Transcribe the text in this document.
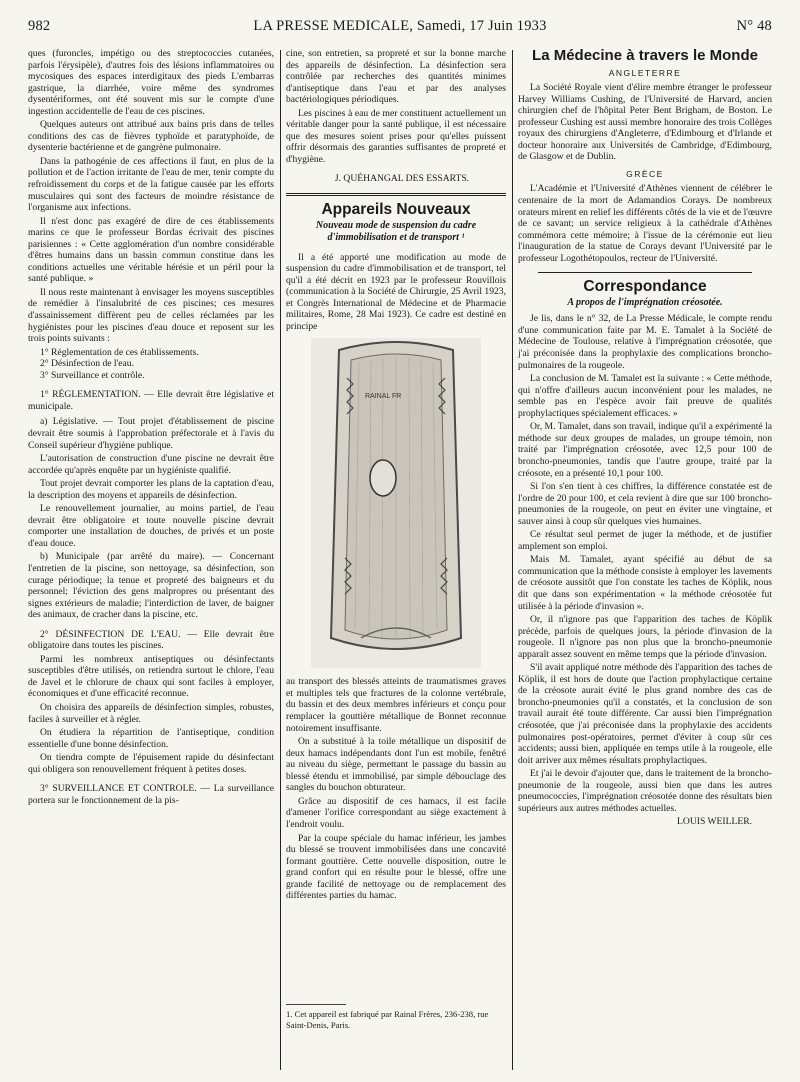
982	LA PRESSE MEDICALE, Samedi, 17 Juin 1933	N° 48

ques (furoncles, impétigo ou des streptococcies cutanées, parfois l'érysipèle), d'autres fois des lésions inflammatoires ou mycosiques des espaces interdigitaux des pieds L'embarras gastrique, la diarrhée, voire même des syndromes dysentériformes, ont été souvent mis sur le compte d'une ingestion accidentelle de l'eau de ces piscines.

Quelques auteurs ont attribué aux bains pris dans de telles conditions des cas de fièvres typhoïde et paratyphoïde, de dysenterie bactérienne et de gangrène pulmonaire.

Dans la pathogénie de ces affections il faut, en plus de la pollution et de l'action irritante de l'eau de mer, tenir compte du refroidissement du corps et de la fatigue causée par les efforts musculaires qui sont des facteurs de moindre résistance de l'organisme aux infections.

Il n'est donc pas exagéré de dire de ces établissements marins ce que le professeur Bordas écrivait des piscines parisiennes : « Cette agglomération d'un nombre considérable d'êtres humains dans un bassin commun constitue dans les conditions actuelles une véritable hérésie et un péril pour la santé publique. »

Il nous reste maintenant à envisager les moyens susceptibles de remédier à l'insalubrité de ces piscines; ces mesures d'assainissement diffèrent peu de celles réclamées par les hygiénistes pour les piscines d'eau douce et reposent sur les trois points suivants :

1° Réglementation de ces établissements.

2° Désinfection de l'eau.

3° Surveillance et contrôle.

1° RÉGLEMENTATION. — Elle devrait être législative et municipale.

a) Législative. — Tout projet d'établissement de piscine devrait être soumis à l'approbation préfectorale et à l'avis du Conseil supérieur d'hygiène publique.

L'autorisation de construction d'une piscine ne devrait être accordée qu'après enquête par un hygiéniste qualifié.

Tout projet devrait comporter les plans de la captation d'eau, la description des moyens et appareils de désinfection.

Le renouvellement journalier, au moins partiel, de l'eau devrait être obligatoire et toute nouvelle piscine devrait comporter une installation de douches, de privés et un poste d'eau douce.

b) Municipale (par arrêté du maire). — Concernant l'entretien de la piscine, son nettoyage, sa désinfection, son curage périodique; la tenue et propreté des baigneurs et du personnel; l'éviction des gens malpropres ou présentant des signes extérieurs de maladie; l'interdiction de laver, de baigner des animaux, de cracher dans la piscine, etc.

2° DÉSINFECTION DE L'EAU. — Elle devrait être obligatoire dans toutes les piscines.

Parmi les nombreux antiseptiques ou désinfectants susceptibles d'être utilisés, on retiendra surtout le chlore, l'eau de Javel et le chlorure de chaux qui sont faciles à employer, économiques et d'une efficacité reconnue.

On choisira des appareils de désinfection simples, robustes, faciles à surveiller et à régler.

On étudiera la répartition de l'antiseptique, condition essentielle d'une bonne désinfection.

On tiendra compte de l'épuisement rapide du désinfectant qui obligera son renouvellement fréquent à petites doses.

3° SURVEILLANCE ET CONTROLE. — La surveillance portera sur le fonctionnement de la pis-

cine, son entretien, sa propreté et sur la bonne marche des appareils de désinfection. La désinfection sera contrôlée par recherches des quantités minimes d'antiseptique dans l'eau et par des analyses bactériologiques périodiques.

Les piscines à eau de mer constituent actuellement un véritable danger pour la santé publique, il est nécessaire que des mesures soient prises pour qu'elles puissent offrir désormais des garanties suffisantes de propreté et d'hygiène.

J. QUÉHANGAL DES ESSARTS.

Appareils Nouveaux
Nouveau mode de suspension du cadre d'immobilisation et de transport ¹

Il a été apporté une modification au mode de suspension du cadre d'immobilisation et de transport, tel qu'il a été décrit en 1923 par le professeur Rouvillois (communication à la Société de Chirurgie, 25 Avril 1923, et Congrès International de Médecine et de Pharmacie militaires, Rome, 28 Mai 1923). Ce cadre est destiné en principe

RAINAL FR

au transport des blessés atteints de traumatismes graves et multiples tels que fractures de la colonne vertébrale, du bassin et des deux membres inférieurs et conçu pour remplacer la gouttière métallique de Bonnet reconnue notoirement insuffisante.

On a substitué à la toile métallique un dispositif de deux hamacs indépendants dont l'un est mobile, fenêtré au niveau du siège, permettant le passage du bassin au blessé étendu et immobilisé, par simple débouclage des sangles du bouchon obturateur.

Grâce au dispositif de ces hamacs, il est facile d'amener l'orifice correspondant au siège exactement à l'endroit voulu.

Par la coupe spéciale du hamac inférieur, les jambes du blessé se trouvent immobilisées dans une concavité formant gouttière. Cette nouvelle disposition, outre le grand confort qui en résulte pour le blessé, offre une grande facilité de nettoyage ou de remplacement des différentes parties du hamac.

1. Cet appareil est fabriqué par Rainal Frères, 236-238, rue Saint-Denis, Paris.
La Médecine à travers le Monde
ANGLETERRE

La Société Royale vient d'élire membre étranger le professeur Harvey Williams Cushing, de l'Université de Harvard, ancien chirurgien chef de l'hôpital Peter Bent Brigham, de Boston. Le professeur Cushing est aussi membre honoraire des trois Collèges royaux des chirurgiens d'Angleterre, d'Edimbourg et d'Irlande et docteur honoraire aux Universités de Cambridge, d'Edimbourg, de Glasgow et de Dublin.

GRÈCE

L'Académie et l'Université d'Athènes viennent de célébrer le centenaire de la mort de Adamandios Corays. De nombreux orateurs mirent en relief les différents côtés de la vie et de l'œuvre de ce savant; un service religieux à la cathédrale d'Athènes commémora cette mémoire; à l'issue de la cérémonie eut lieu l'inauguration de la statue de Corays devant l'Université par le professeur Logothétopoulos, recteur de l'Université.

Correspondance
A propos de l'imprégnation créosotée.

Je lis, dans le n° 32, de La Presse Médicale, le compte rendu d'une communication faite par M. E. Tamalet à la Société de Médecine de Toulouse, relative à l'imprégnation créosotée, que j'ai préconisée dans la prophylaxie des complications broncho-pulmonaires de la rougeole.

La conclusion de M. Tamalet est la suivante : « Cette méthode, qui n'offre d'ailleurs aucun inconvénient pour les malades, ne semble pas en l'espèce avoir fait preuve de qualités prophylactiques spécialement efficaces. »

Or, M. Tamalet, dans son travail, indique qu'il a expérimenté la méthode sur deux groupes de malades, un groupe témoin, non traité par l'imprégnation créosotée, avec 12,5 pour 100 de broncho-pneumonies, tandis que l'autre groupe, traité par la créosote, en a présenté 10,1 pour 100.

Si l'on s'en tient à ces chiffres, la différence constatée est de l'ordre de 20 pour 100, et cela revient à dire que sur 100 broncho-pneumonies de la rougeole, on peut en éviter une vingtaine, et sauver ainsi à coup sûr quelques vies humaines.

Ce résultat seul permet de juger la méthode, et de justifier amplement son emploi.

Mais M. Tamalet, ayant spécifié au début de sa communication que la méthode consiste à employer les lavements de créosote aussitôt que l'on constate les taches de Köplik, nous dit que dans son expérimentation « la méthode créosotée fut utilisée à la période d'invasion ».

Or, il n'ignore pas que l'apparition des taches de Köplik précède, parfois de quelques jours, la période d'invasion de la rougeole. Il n'ignore pas non plus que la broncho-pneumonie apparaît assez souvent en même temps que la période d'invasion.

S'il avait appliqué notre méthode dès l'apparition des taches de Köplik, il est hors de doute que l'action prophylactique certaine de la créosote aurait évité le plus grand nombre des cas de broncho-pneumonies qu'il a constatés, et la conclusion de son travail aurait été toute différente. Car aussi bien l'imprégnation créosotée, que j'ai préconisée dans la prophylaxie des accidents pulmonaires post-opératoires, permet d'éviter à coup sûr ces accidents; aussi bien, appliquée en temps utile à la rougeole, elle doit arriver aux mêmes résultats prophylactiques.

Et j'ai le devoir d'ajouter que, dans le traitement de la broncho-pneumonie de la rougeole, aussi bien que dans les autres pneumococcies, l'imprégnation créosotée donne des résultats bien supérieurs aux autres méthodes actuelles.

LOUIS WEILLER.
